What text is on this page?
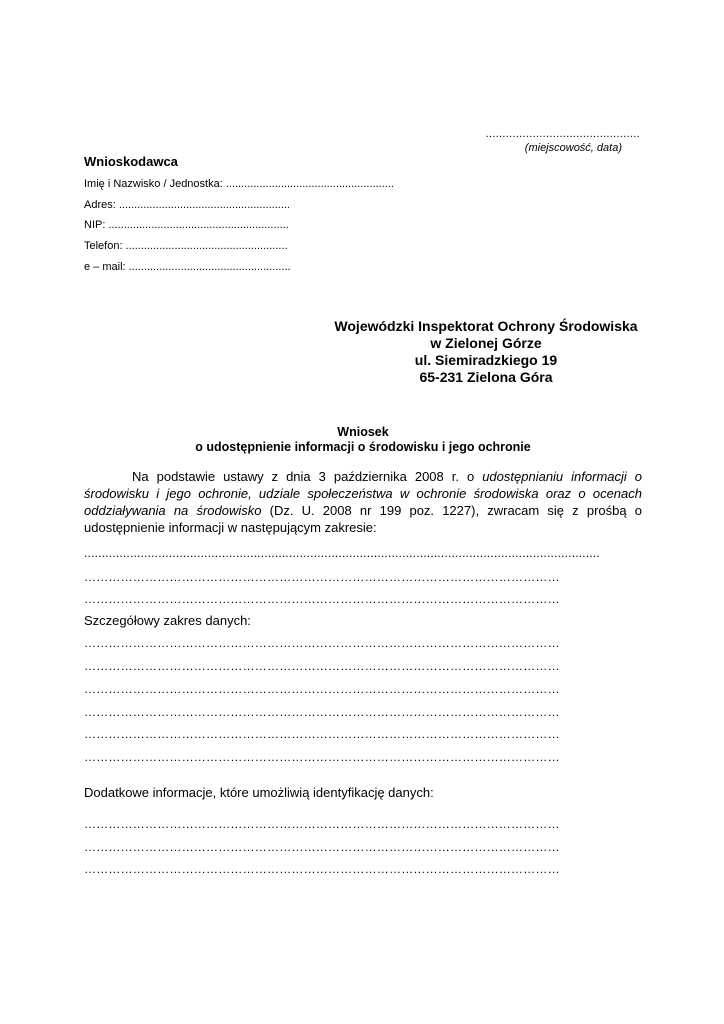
..............................................
(miejscowość, data)
Wnioskodawca
Imię i Nazwisko / Jednostka: .......................................................
Adres: ........................................................
NIP: ...........................................................
Telefon: .....................................................
e – mail: .....................................................
Wojewódzki Inspektorat Ochrony Środowiska
w Zielonej Górze
ul. Siemiradzkiego 19
65-231 Zielona Góra
Wniosek
o udostępnienie informacji o środowisku i jego ochronie
Na podstawie ustawy z dnia 3 października 2008 r. o udostępnianiu informacji o środowisku i jego ochronie, udziale społeczeństwa w ochronie środowiska oraz o ocenach oddziaływania na środowisko (Dz. U. 2008 nr 199 poz. 1227), zwracam się z prośbą o udostępnienie informacji w następującym zakresie:
..................................................................................................................................................
………………………………………………………………………………………………………
………………………………………………………………………………………………………
Szczegółowy zakres danych:
………………………………………………………………………………………………………
………………………………………………………………………………………………………
………………………………………………………………………………………………………
………………………………………………………………………………………………………
………………………………………………………………………………………………………
………………………………………………………………………………………………………
Dodatkowe informacje, które umożliwią identyfikację danych:
………………………………………………………………………………………………………
………………………………………………………………………………………………………
………………………………………………………………………………………………………
